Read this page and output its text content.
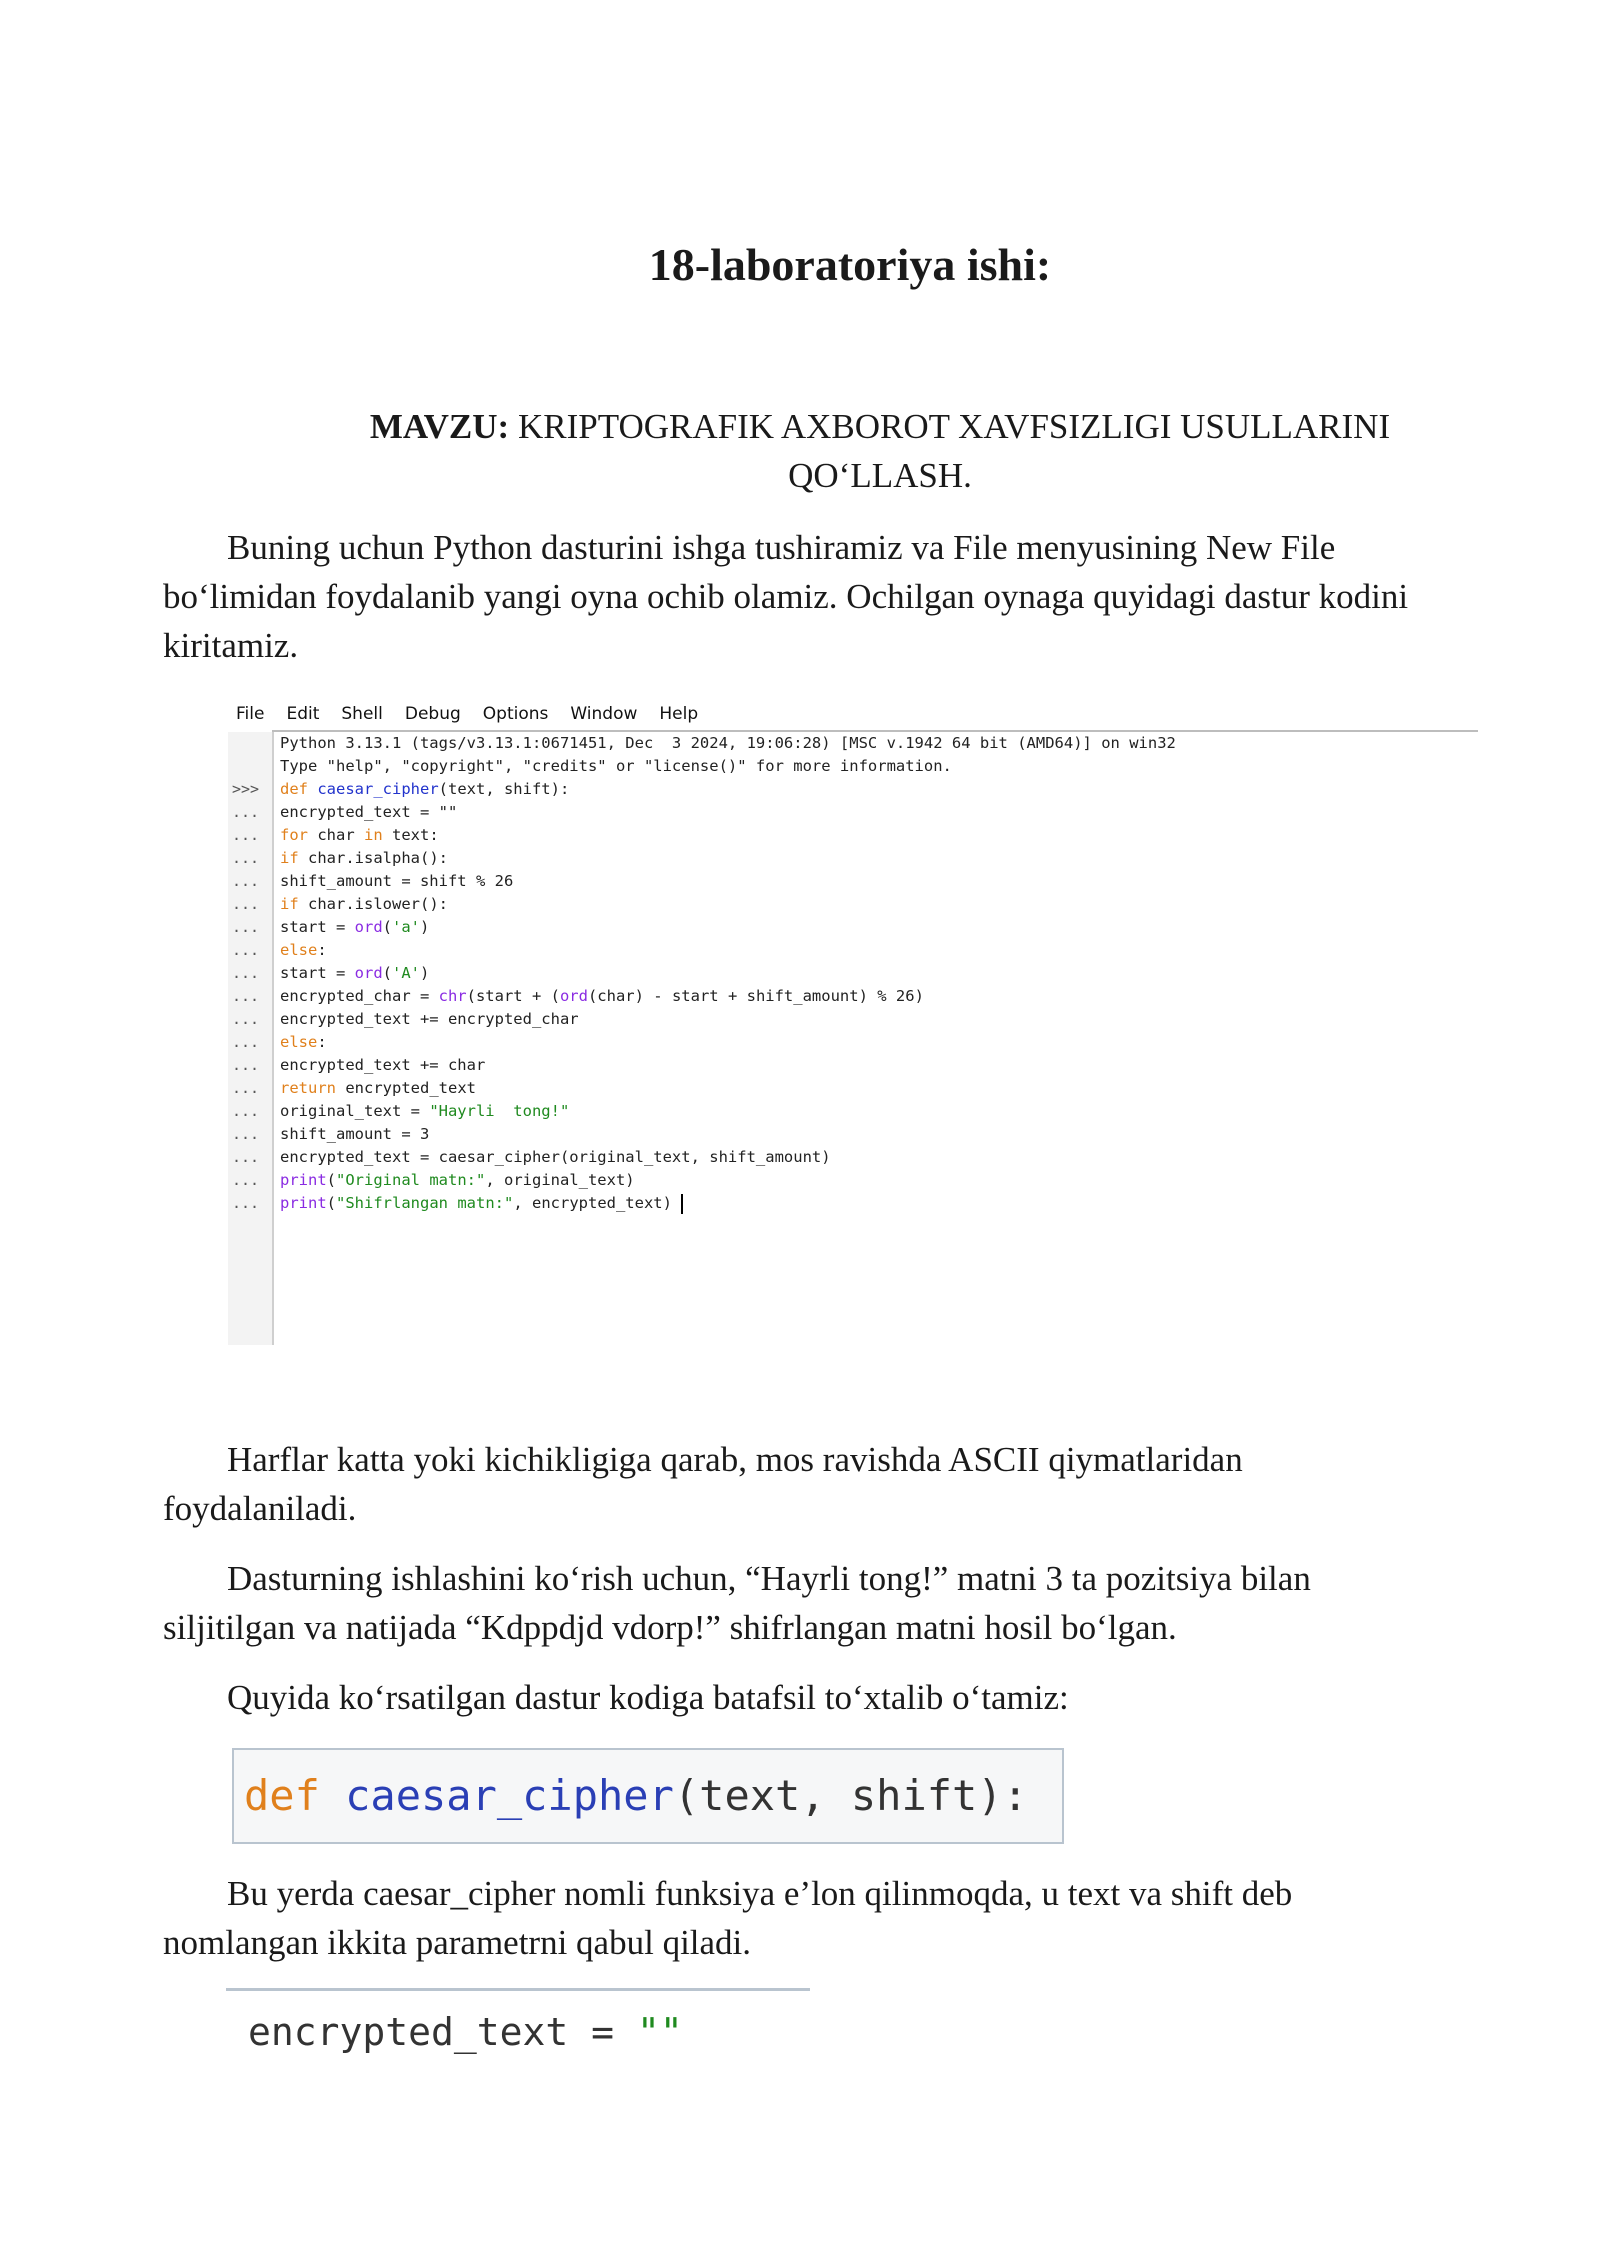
18-laboratoriya ishi:

MAVZU: KRIPTOGRAFIK AXBOROT XAVFSIZLIGI USULLARINI QO‘LLASH.

Buning uchun Python dasturini ishga tushiramiz va File menyusining New File bo‘limidan foydalanib yangi oyna ochib olamiz. Ochilgan oynaga quyidagi dastur kodini kiritamiz.

File Edit Shell Debug Options Window Help
>>>
...
...
...
...
...
...
...
...
...
...
...
...
...
...
...
...
...
...
Python 3.13.1 (tags/v3.13.1:0671451, Dec  3 2024, 19:06:28) [MSC v.1942 64 bit (AMD64)] on win32
Type "help", "copyright", "credits" or "license()" for more information.
def caesar_cipher(text, shift):
encrypted_text = ""
for char in text:
if char.isalpha():
shift_amount = shift % 26
if char.islower():
start = ord('a')
else:
start = ord('A')
encrypted_char = chr(start + (ord(char) - start + shift_amount) % 26)
encrypted_text += encrypted_char
else:
encrypted_text += char
return encrypted_text
original_text = "Hayrli  tong!"
shift_amount = 3
encrypted_text = caesar_cipher(original_text, shift_amount)
print("Original matn:", original_text)
print("Shifrlangan matn:", encrypted_text)

Harflar katta yoki kichikligiga qarab, mos ravishda ASCII qiymatlaridan foydalaniladi.

Dasturning ishlashini ko‘rish uchun, “Hayrli tong!” matni 3 ta pozitsiya bilan siljitilgan va natijada “Kdppdjd vdorp!” shifrlangan matni hosil bo‘lgan.

Quyida ko‘rsatilgan dastur kodiga batafsil to‘xtalib o‘tamiz:

def caesar_cipher(text, shift):

Bu yerda caesar_cipher nomli funksiya e’lon qilinmoqda, u text va shift deb nomlangan ikkita parametrni qabul qiladi.

encrypted_text = ""
